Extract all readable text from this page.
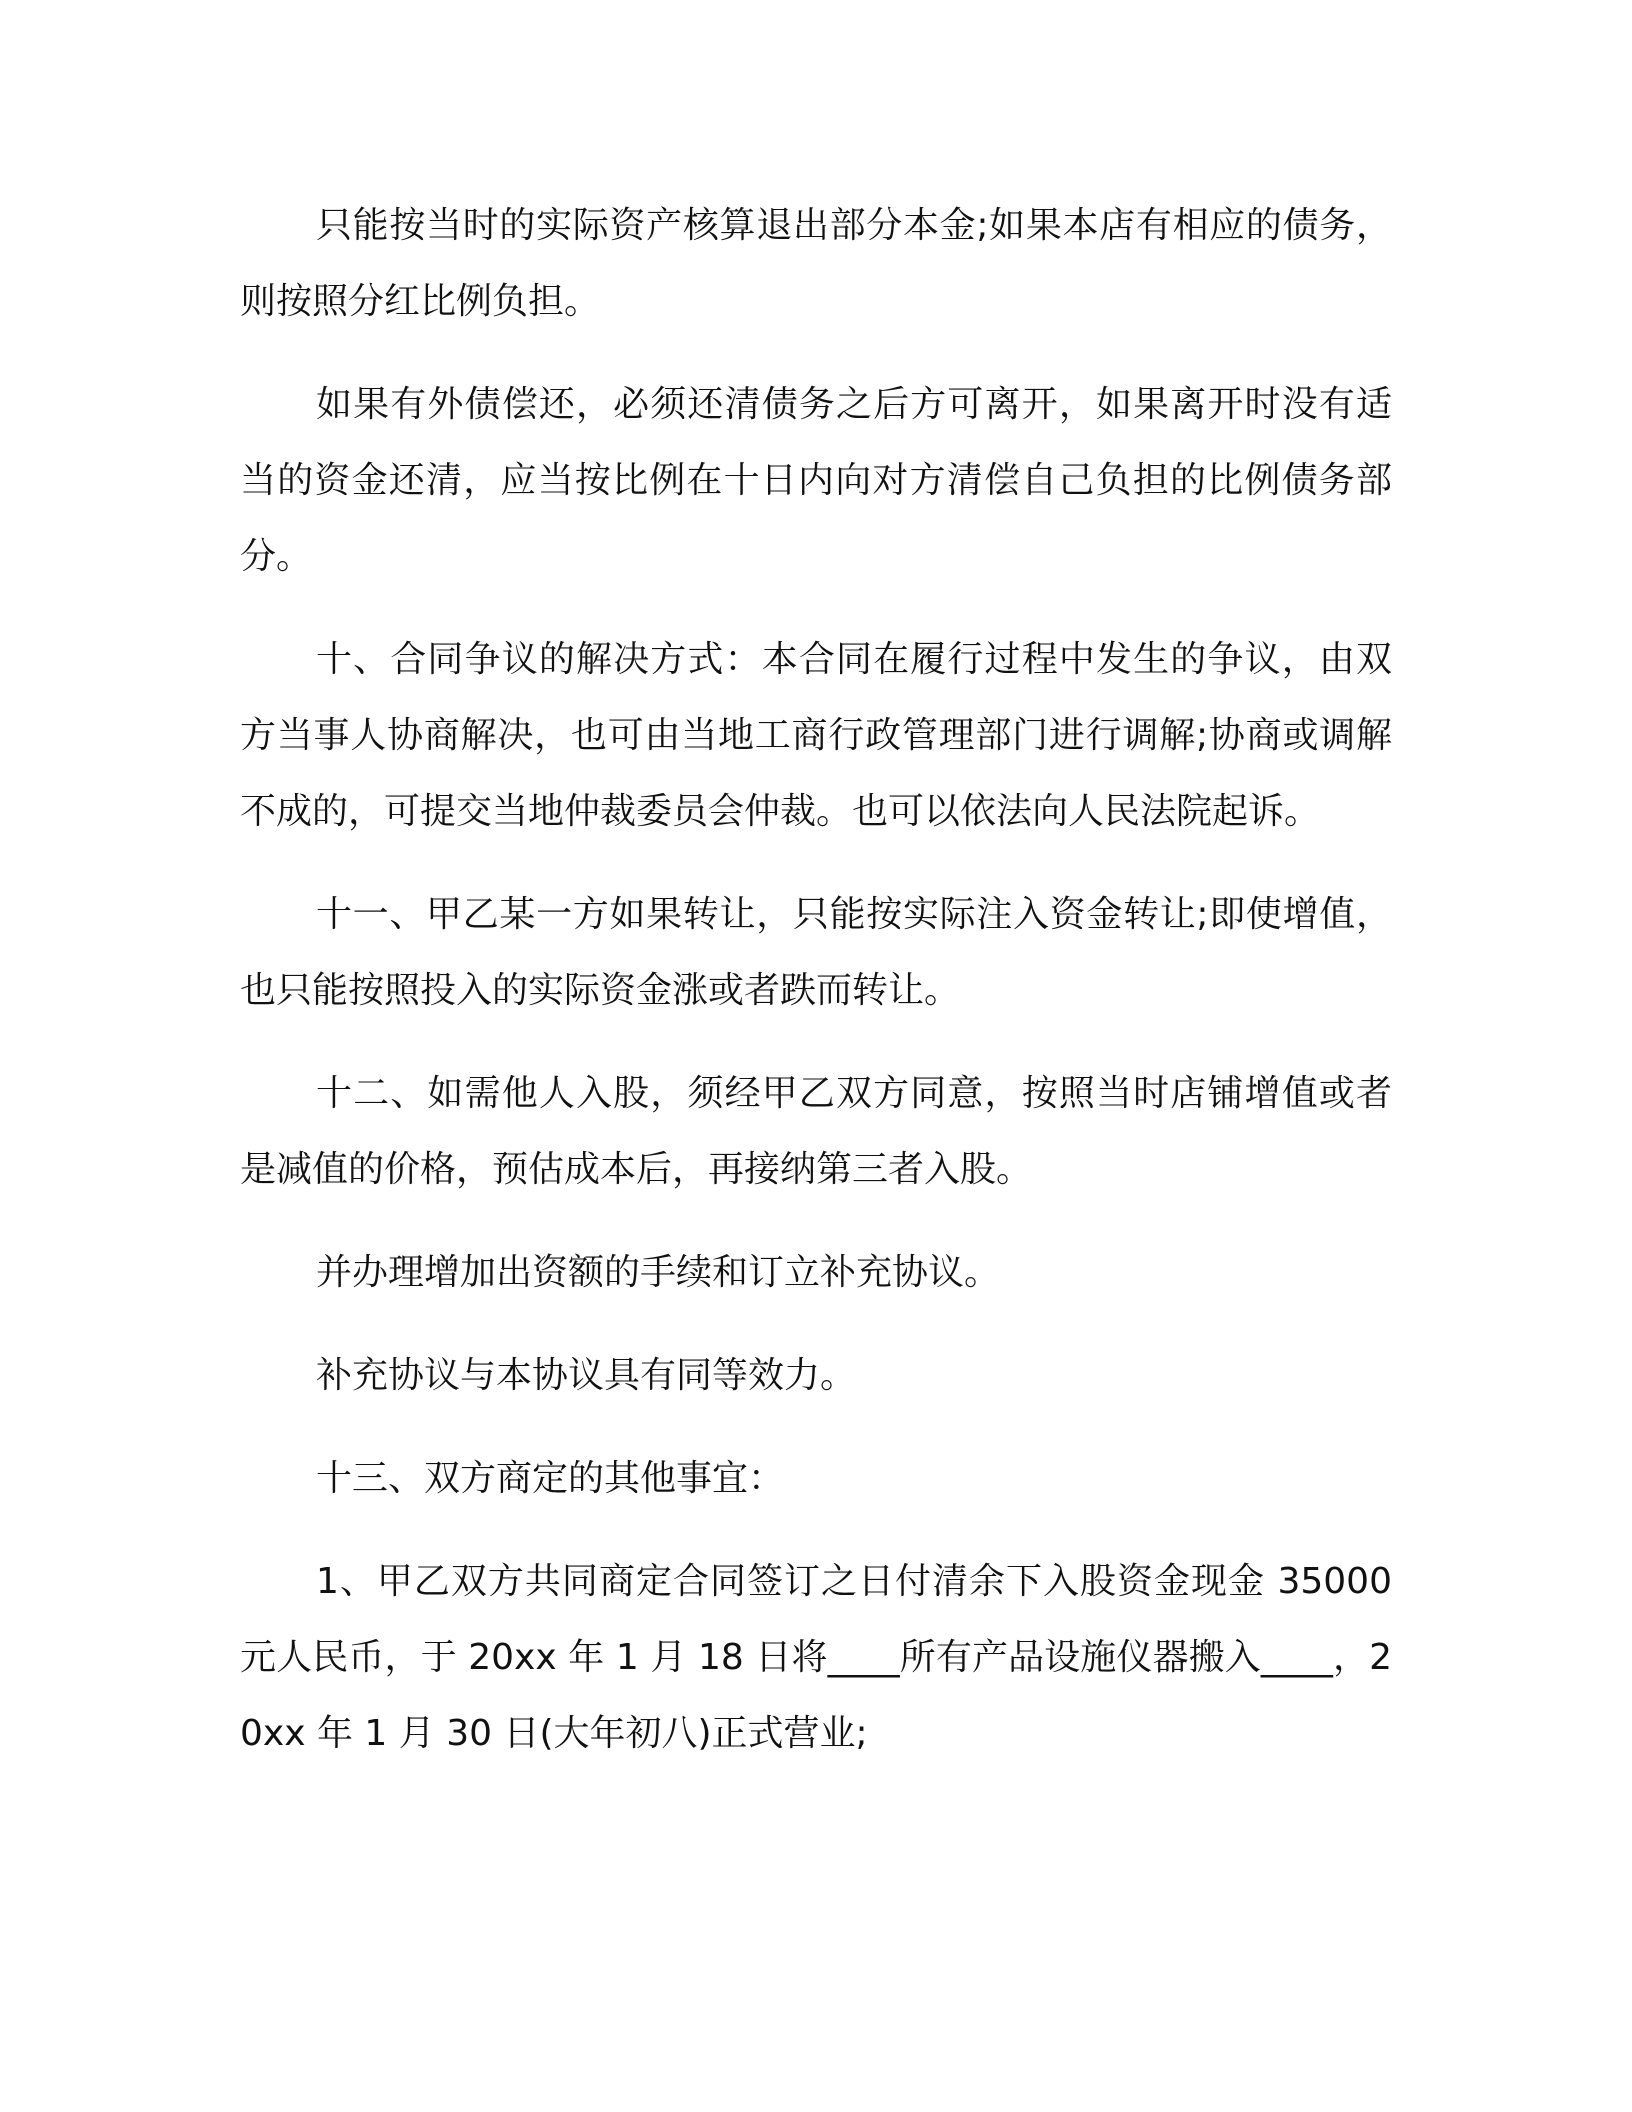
只能按当时的实际资产核算退出部分本金;如果本店有相应的债务，则按照分红比例负担。

如果有外债偿还，必须还清债务之后方可离开，如果离开时没有适当的资金还清，应当按比例在十日内向对方清偿自己负担的比例债务部分。

十、合同争议的解决方式：本合同在履行过程中发生的争议，由双方当事人协商解决，也可由当地工商行政管理部门进行调解;协商或调解不成的，可提交当地仲裁委员会仲裁。也可以依法向人民法院起诉。

十一、甲乙某一方如果转让，只能按实际注入资金转让;即使增值，也只能按照投入的实际资金涨或者跌而转让。

十二、如需他人入股，须经甲乙双方同意，按照当时店铺增值或者是减值的价格，预估成本后，再接纳第三者入股。

并办理增加出资额的手续和订立补充协议。

补充协议与本协议具有同等效力。

十三、双方商定的其他事宜：

1、甲乙双方共同商定合同签订之日付清余下入股资金现金 35000 元人民币，于 20xx 年 1 月 18 日将____所有产品设施仪器搬入____，20xx 年 1 月 30 日(大年初八)正式营业;
